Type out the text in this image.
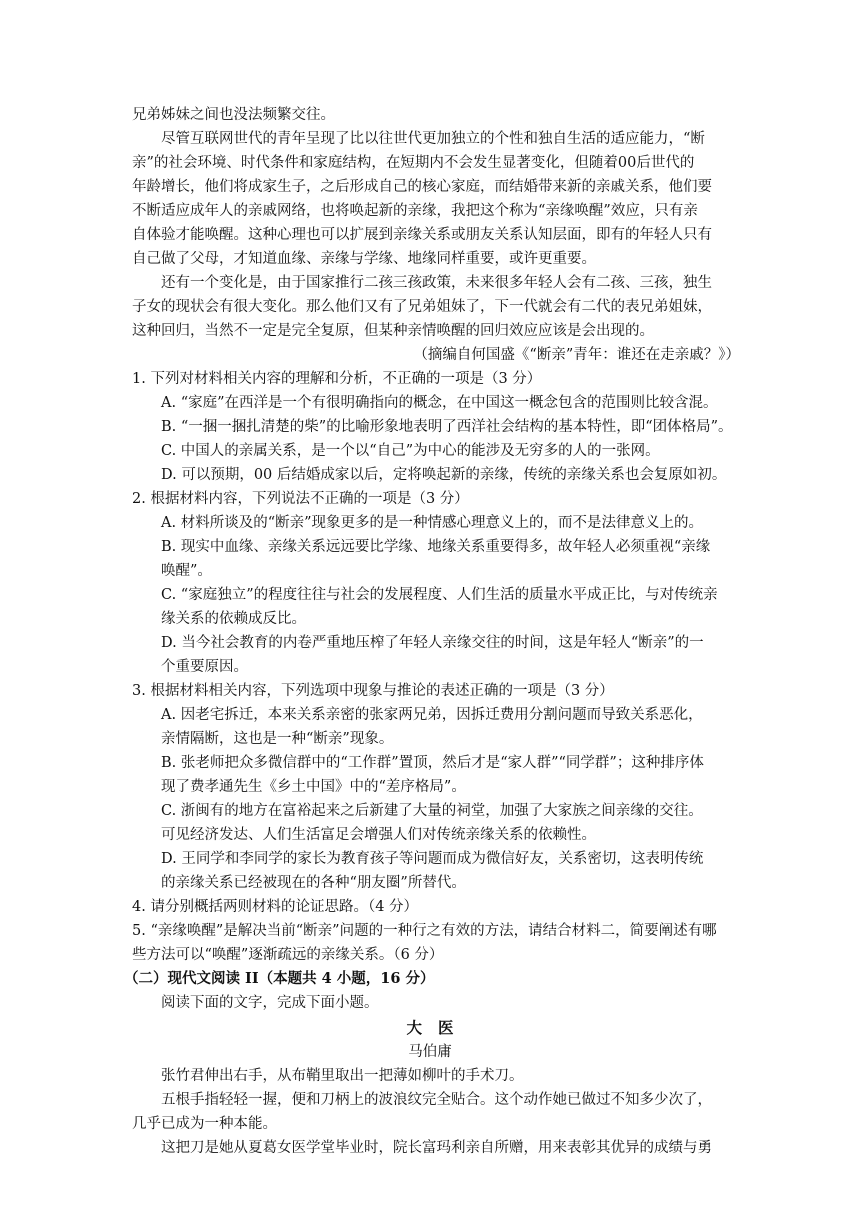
兄弟姊妹之间也没法频繁交往。
尽管互联网世代的青年呈现了比以往世代更加独立的个性和独自生活的适应能力，“断
亲”的社会环境、时代条件和家庭结构，在短期内不会发生显著变化，但随着00后世代的
年龄增长，他们将成家生子，之后形成自己的核心家庭，而结婚带来新的亲戚关系，他们要
不断适应成年人的亲戚网络，也将唤起新的亲缘，我把这个称为“亲缘唤醒”效应，只有亲
自体验才能唤醒。这种心理也可以扩展到亲缘关系或朋友关系认知层面，即有的年轻人只有
自己做了父母，才知道血缘、亲缘与学缘、地缘同样重要，或许更重要。
还有一个变化是，由于国家推行二孩三孩政策，未来很多年轻人会有二孩、三孩，独生
子女的现状会有很大变化。那么他们又有了兄弟姐妹了，下一代就会有二代的表兄弟姐妹，
这种回归，当然不一定是完全复原，但某种亲情唤醒的回归效应应该是会出现的。
（摘编自何国盛《“断亲”青年：谁还在走亲戚？》）
1. 下列对材料相关内容的理解和分析，不正确的一项是（3 分）
A. “家庭”在西洋是一个有很明确指向的概念，在中国这一概念包含的范围则比较含混。
B. “一捆一捆扎清楚的柴”的比喻形象地表明了西洋社会结构的基本特性，即“团体格局”。
C. 中国人的亲属关系，是一个以“自己”为中心的能涉及无穷多的人的一张网。
D. 可以预期，00 后结婚成家以后，定将唤起新的亲缘，传统的亲缘关系也会复原如初。
2. 根据材料内容，下列说法不正确的一项是（3 分）
A. 材料所谈及的“断亲”现象更多的是一种情感心理意义上的，而不是法律意义上的。
B. 现实中血缘、亲缘关系远远要比学缘、地缘关系重要得多，故年轻人必须重视“亲缘
唤醒”。
C. “家庭独立”的程度往往与社会的发展程度、人们生活的质量水平成正比，与对传统亲
缘关系的依赖成反比。
D. 当今社会教育的内卷严重地压榨了年轻人亲缘交往的时间，这是年轻人“断亲”的一
个重要原因。
3. 根据材料相关内容，下列选项中现象与推论的表述正确的一项是（3 分）
A. 因老宅拆迁，本来关系亲密的张家两兄弟，因拆迁费用分割问题而导致关系恶化，
亲情隔断，这也是一种“断亲”现象。
B. 张老师把众多微信群中的“工作群”置顶，然后才是“家人群”“同学群”；这种排序体
现了费孝通先生《乡土中国》中的“差序格局”。
C. 浙闽有的地方在富裕起来之后新建了大量的祠堂，加强了大家族之间亲缘的交往。
可见经济发达、人们生活富足会增强人们对传统亲缘关系的依赖性。
D. 王同学和李同学的家长为教育孩子等问题而成为微信好友，关系密切，这表明传统
的亲缘关系已经被现在的各种“朋友圈”所替代。
4. 请分别概括两则材料的论证思路。（4 分）
5. “亲缘唤醒”是解决当前“断亲”问题的一种行之有效的方法，请结合材料二，简要阐述有哪
些方法可以“唤醒”逐渐疏远的亲缘关系。（6 分）
（二）现代文阅读 II（本题共 4 小题，16 分）
阅读下面的文字，完成下面小题。
大医
马伯庸
张竹君伸出右手，从布鞘里取出一把薄如柳叶的手术刀。
五根手指轻轻一握，便和刀柄上的波浪纹完全贴合。这个动作她已做过不知多少次了，
几乎已成为一种本能。
这把刀是她从夏葛女医学堂毕业时，院长富玛利亲自所赠，用来表彰其优异的成绩与勇
